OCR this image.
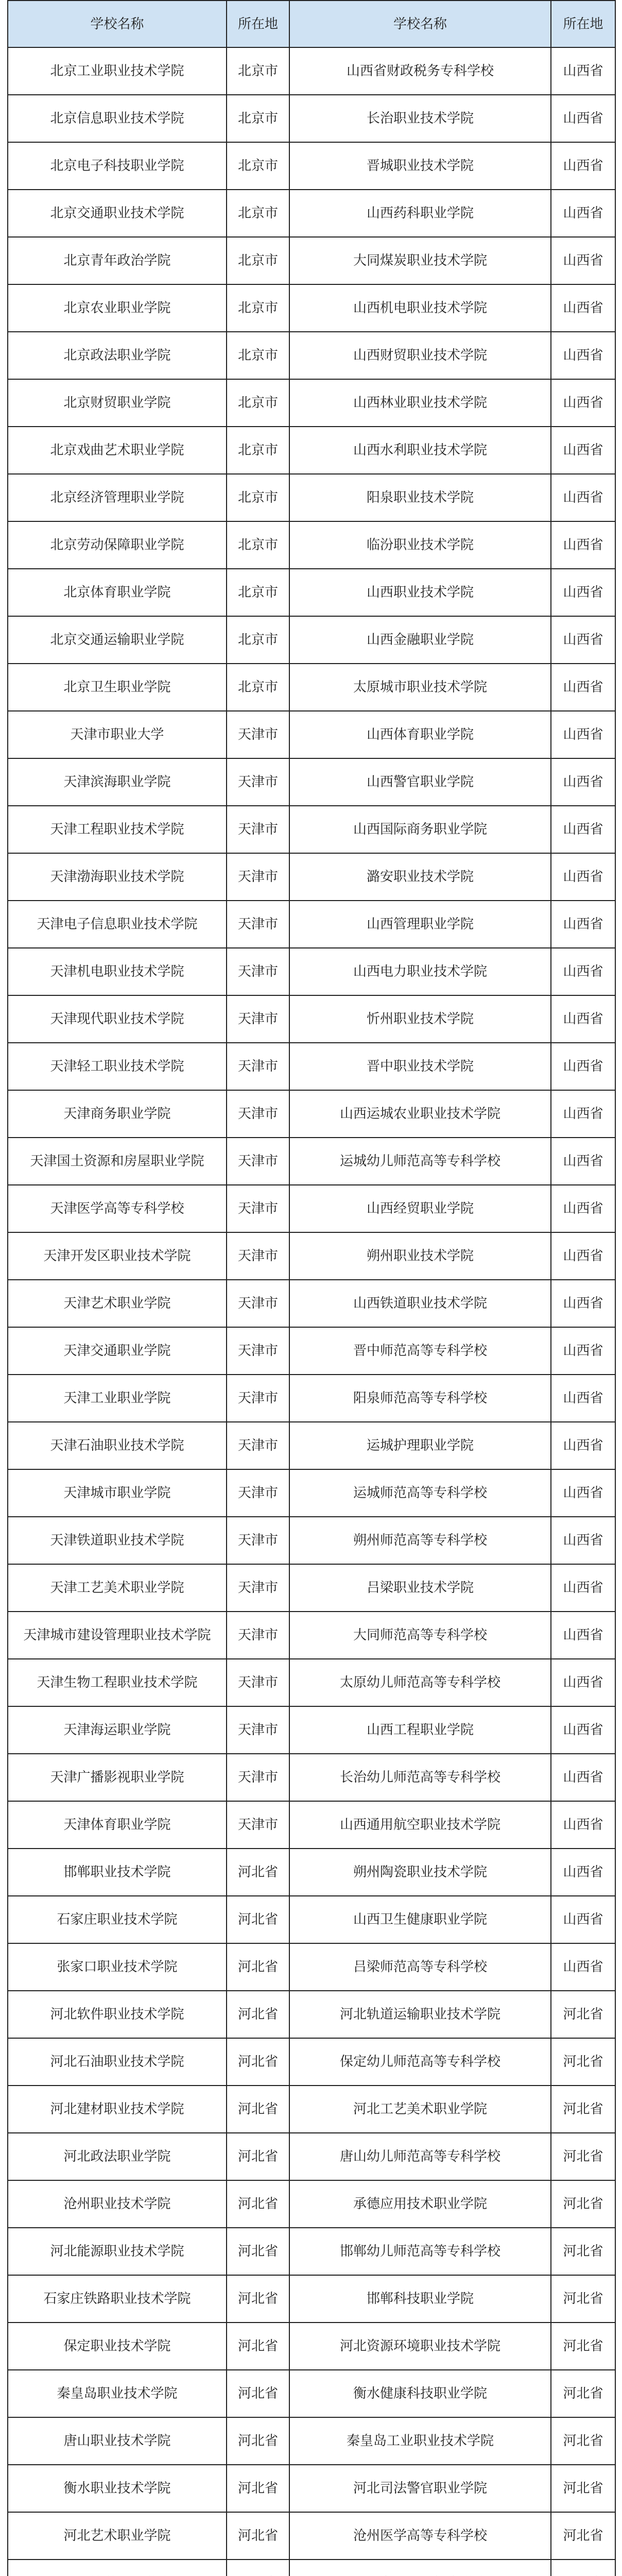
学校名称	所在地	学校名称	所在地
北京工业职业技术学院	北京市	山西省财政税务专科学校	山西省
北京信息职业技术学院	北京市	长治职业技术学院	山西省
北京电子科技职业学院	北京市	晋城职业技术学院	山西省
北京交通职业技术学院	北京市	山西药科职业学院	山西省
北京青年政治学院	北京市	大同煤炭职业技术学院	山西省
北京农业职业学院	北京市	山西机电职业技术学院	山西省
北京政法职业学院	北京市	山西财贸职业技术学院	山西省
北京财贸职业学院	北京市	山西林业职业技术学院	山西省
北京戏曲艺术职业学院	北京市	山西水利职业技术学院	山西省
北京经济管理职业学院	北京市	阳泉职业技术学院	山西省
北京劳动保障职业学院	北京市	临汾职业技术学院	山西省
北京体育职业学院	北京市	山西职业技术学院	山西省
北京交通运输职业学院	北京市	山西金融职业学院	山西省
北京卫生职业学院	北京市	太原城市职业技术学院	山西省
天津市职业大学	天津市	山西体育职业学院	山西省
天津滨海职业学院	天津市	山西警官职业学院	山西省
天津工程职业技术学院	天津市	山西国际商务职业学院	山西省
天津渤海职业技术学院	天津市	潞安职业技术学院	山西省
天津电子信息职业技术学院	天津市	山西管理职业学院	山西省
天津机电职业技术学院	天津市	山西电力职业技术学院	山西省
天津现代职业技术学院	天津市	忻州职业技术学院	山西省
天津轻工职业技术学院	天津市	晋中职业技术学院	山西省
天津商务职业学院	天津市	山西运城农业职业技术学院	山西省
天津国土资源和房屋职业学院	天津市	运城幼儿师范高等专科学校	山西省
天津医学高等专科学校	天津市	山西经贸职业学院	山西省
天津开发区职业技术学院	天津市	朔州职业技术学院	山西省
天津艺术职业学院	天津市	山西铁道职业技术学院	山西省
天津交通职业学院	天津市	晋中师范高等专科学校	山西省
天津工业职业学院	天津市	阳泉师范高等专科学校	山西省
天津石油职业技术学院	天津市	运城护理职业学院	山西省
天津城市职业学院	天津市	运城师范高等专科学校	山西省
天津铁道职业技术学院	天津市	朔州师范高等专科学校	山西省
天津工艺美术职业学院	天津市	吕梁职业技术学院	山西省
天津城市建设管理职业技术学院	天津市	大同师范高等专科学校	山西省
天津生物工程职业技术学院	天津市	太原幼儿师范高等专科学校	山西省
天津海运职业学院	天津市	山西工程职业学院	山西省
天津广播影视职业学院	天津市	长治幼儿师范高等专科学校	山西省
天津体育职业学院	天津市	山西通用航空职业技术学院	山西省
邯郸职业技术学院	河北省	朔州陶瓷职业技术学院	山西省
石家庄职业技术学院	河北省	山西卫生健康职业学院	山西省
张家口职业技术学院	河北省	吕梁师范高等专科学校	山西省
河北软件职业技术学院	河北省	河北轨道运输职业技术学院	河北省
河北石油职业技术学院	河北省	保定幼儿师范高等专科学校	河北省
河北建材职业技术学院	河北省	河北工艺美术职业学院	河北省
河北政法职业学院	河北省	唐山幼儿师范高等专科学校	河北省
沧州职业技术学院	河北省	承德应用技术职业学院	河北省
河北能源职业技术学院	河北省	邯郸幼儿师范高等专科学校	河北省
石家庄铁路职业技术学院	河北省	邯郸科技职业学院	河北省
保定职业技术学院	河北省	河北资源环境职业技术学院	河北省
秦皇岛职业技术学院	河北省	衡水健康科技职业学院	河北省
唐山职业技术学院	河北省	秦皇岛工业职业技术学院	河北省
衡水职业技术学院	河北省	河北司法警官职业学院	河北省
河北艺术职业学院	河北省	沧州医学高等专科学校	河北省
